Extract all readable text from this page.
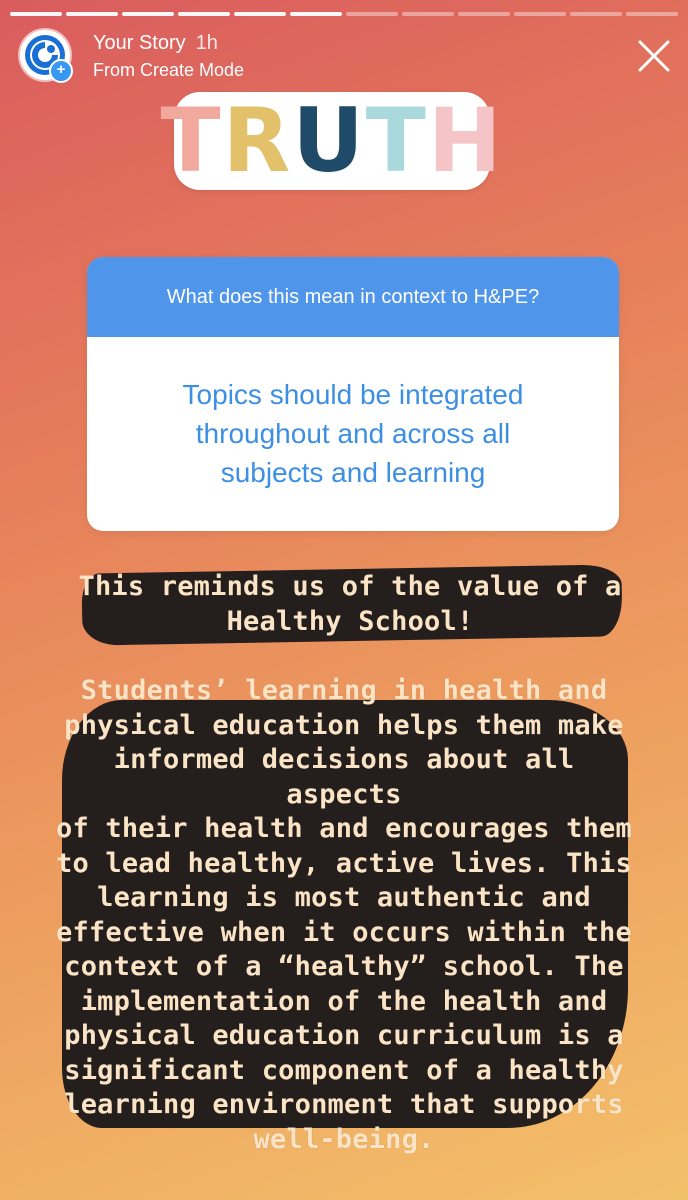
+
Your Story 1h
From Create Mode
T R U T H
What does this mean in context to H&PE?
Topics should be integrated
throughout and across all
subjects and learning
This reminds us of the value of a
Healthy School!
Students’ learning in health and
physical education helps them make
informed decisions about all aspects
of their health and encourages them
to lead healthy, active lives. This
learning is most authentic and
effective when it occurs within the
context of a “healthy” school. The
implementation of the health and
physical education curriculum is a
significant component of a healthy
learning environment that supports
well-being.
